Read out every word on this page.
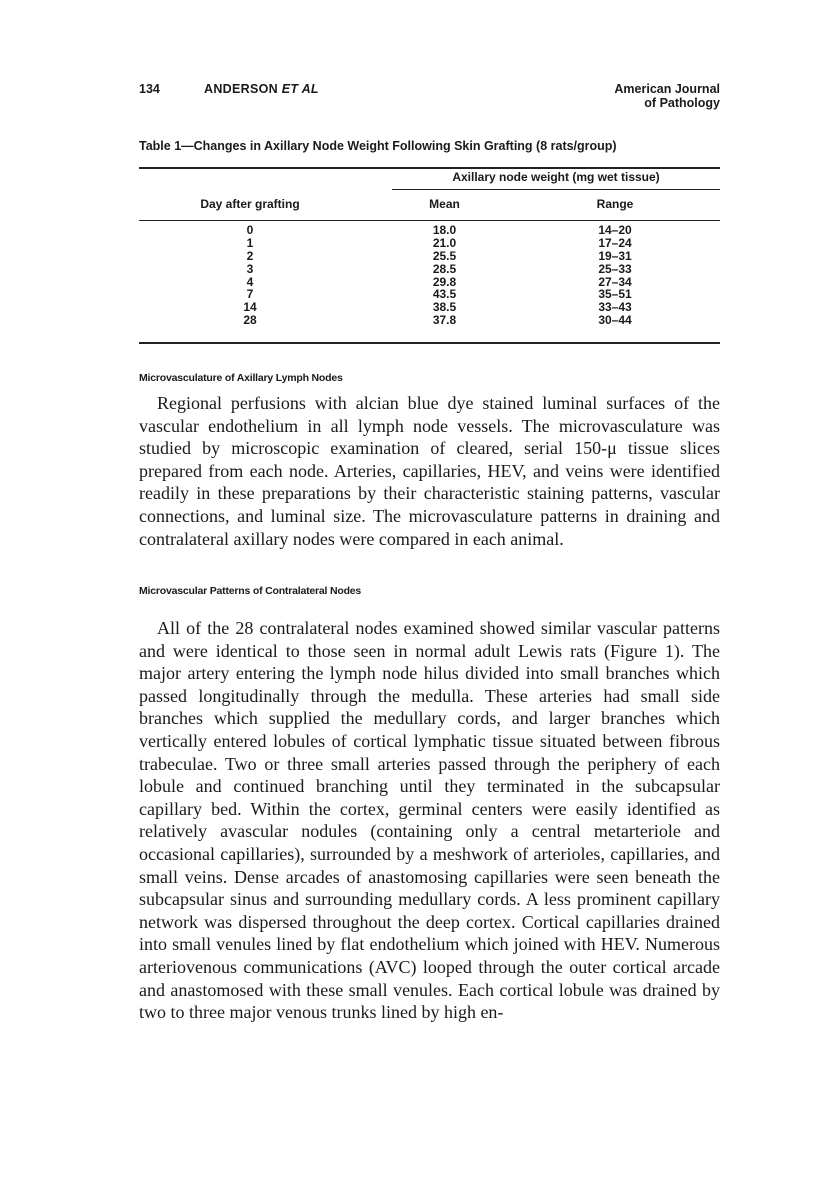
134	ANDERSON ET AL	American Journal
of Pathology
Table 1—Changes in Axillary Node Weight Following Skin Grafting (8 rats/group)
Axillary node weight (mg wet tissue)
Day after grafting	Mean	Range
0	18.0	14–20
1	21.0	17–24
2	25.5	19–31
3	28.5	25–33
4	29.8	27–34
7	43.5	35–51
14	38.5	33–43
28	37.8	30–44
Microvasculature of Axillary Lymph Nodes

Regional perfusions with alcian blue dye stained luminal surfaces of the vascular endothelium in all lymph node vessels. The microvasculature was studied by microscopic examination of cleared, serial 150-μ tissue slices prepared from each node. Arteries, capillaries, HEV, and veins were identified readily in these preparations by their characteristic staining patterns, vascular connections, and luminal size. The microvasculature patterns in draining and contralateral axillary nodes were compared in each animal.

Microvascular Patterns of Contralateral Nodes

All of the 28 contralateral nodes examined showed similar vascular patterns and were identical to those seen in normal adult Lewis rats (Figure 1). The major artery entering the lymph node hilus divided into small branches which passed longitudinally through the medulla. These arteries had small side branches which supplied the medullary cords, and larger branches which vertically entered lobules of cortical lymphatic tissue situated between fibrous trabeculae. Two or three small arteries passed through the periphery of each lobule and continued branching until they terminated in the subcapsular capillary bed. Within the cortex, germinal centers were easily identified as relatively avascular nodules (containing only a central metarteriole and occasional capillaries), surrounded by a meshwork of arterioles, capillaries, and small veins. Dense arcades of anastomosing capillaries were seen beneath the subcapsular sinus and surrounding medullary cords. A less prominent capillary network was dispersed throughout the deep cortex. Cortical capillaries drained into small venules lined by flat endothelium which joined with HEV. Numerous arteriovenous communications (AVC) looped through the outer cortical arcade and anastomosed with these small venules. Each cortical lobule was drained by two to three major venous trunks lined by high en-
